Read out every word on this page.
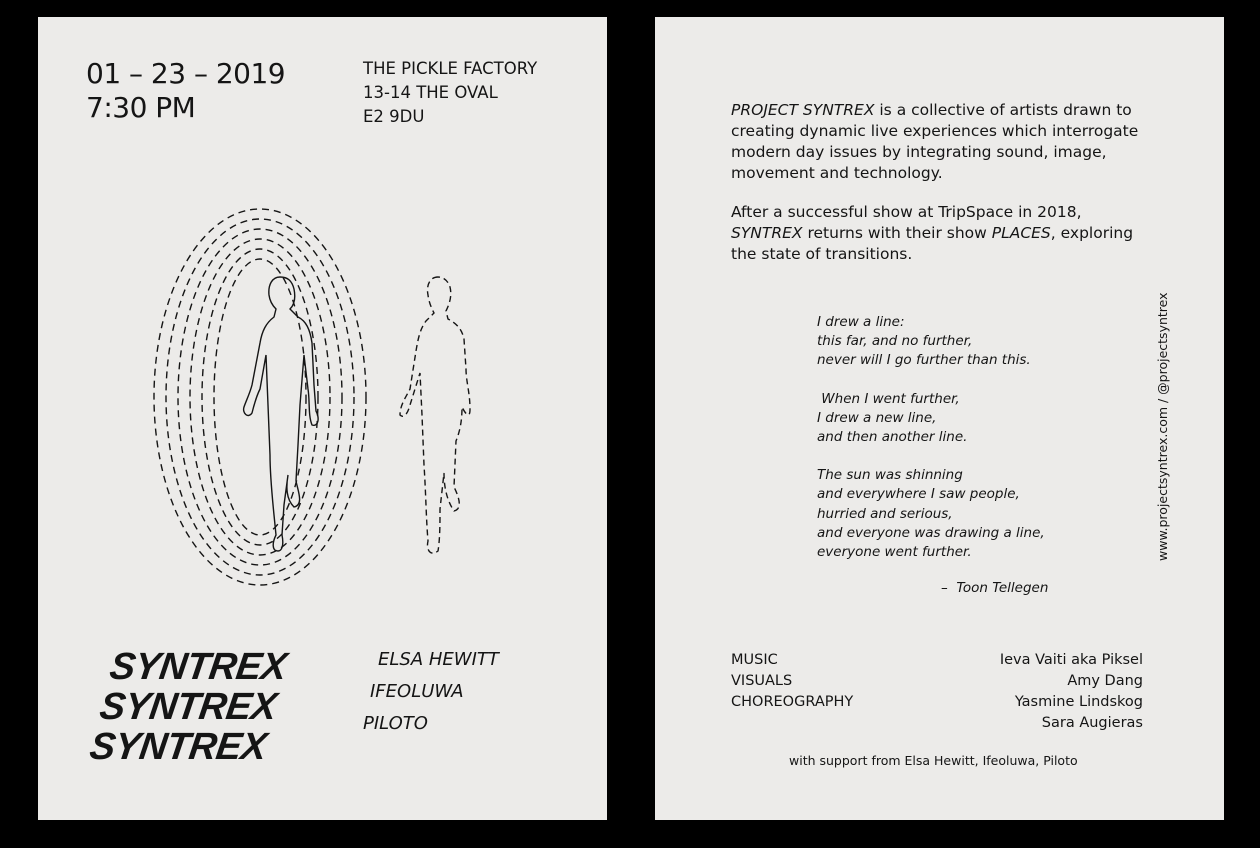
01 – 23 – 2019
7:30 PM
THE PICKLE FACTORY
13-14 THE OVAL
E2 9DU
SYNTREX
SYNTREX
SYNTREX
ELSA HEWITT
IFEOLUWA
PILOTO

PROJECT SYNTREX is a collective of artists drawn to creating dynamic live experiences which interrogate modern day issues by integrating sound, image, movement and technology.

After a successful show at TripSpace in 2018,
SYNTREX returns with their show PLACES, exploring the state of transitions.

I drew a line:
this far, and no further,
never will I go further than this.
When I went further,
I drew a new line,
and then another line.
The sun was shinning
and everywhere I saw people,
hurried and serious,
and everyone was drawing a line,
everyone went further.
–  Toon Tellegen
www.projectsyntrex.com / @projectsyntrex
MUSIC
VISUALS
CHOREOGRAPHY
Ieva Vaiti aka Piksel
Amy Dang
Yasmine Lindskog
Sara Augieras
with support from Elsa Hewitt, Ifeoluwa, Piloto
